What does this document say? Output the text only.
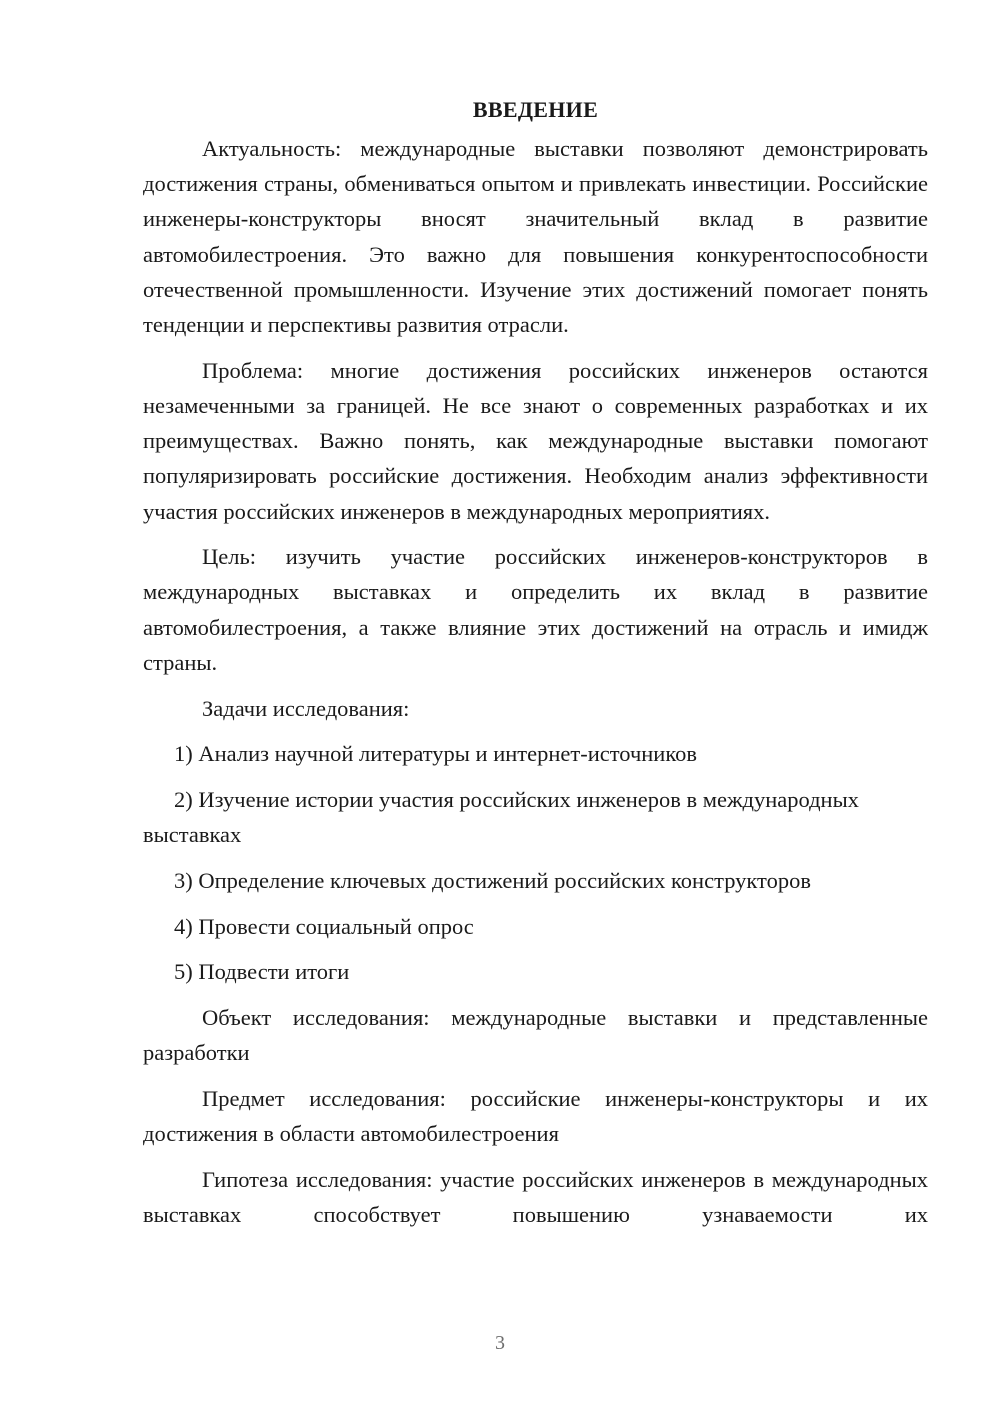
ВВЕДЕНИЕ

Актуальность: международные выставки позволяют демонстрировать достижения страны, обмениваться опытом и привлекать инвестиции. Российские инженеры-конструкторы вносят значительный вклад в развитие автомобилестроения. Это важно для повышения конкурентоспособности отечественной промышленности. Изучение этих достижений помогает понять тенденции и перспективы развития отрасли.

Проблема: многие достижения российских инженеров остаются незамеченными за границей. Не все знают о современных разработках и их преимуществах. Важно понять, как международные выставки помогают популяризировать российские достижения. Необходим анализ эффективности участия российских инженеров в международных мероприятиях.

Цель: изучить участие российских инженеров-конструкторов в международных выставках и определить их вклад в развитие автомобилестроения, а также влияние этих достижений на отрасль и имидж страны.

Задачи исследования:

1) Анализ научной литературы и интернет-источников
2) Изучение истории участия российских инженеров в международных выставках
3) Определение ключевых достижений российских конструкторов
4) Провести социальный опрос
5) Подвести итоги

Объект исследования: международные выставки и представленные разработки

Предмет исследования: российские инженеры-конструкторы и их достижения в области автомобилестроения

Гипотеза исследования: участие российских инженеров в международных выставках способствует повышению узнаваемости их

3
